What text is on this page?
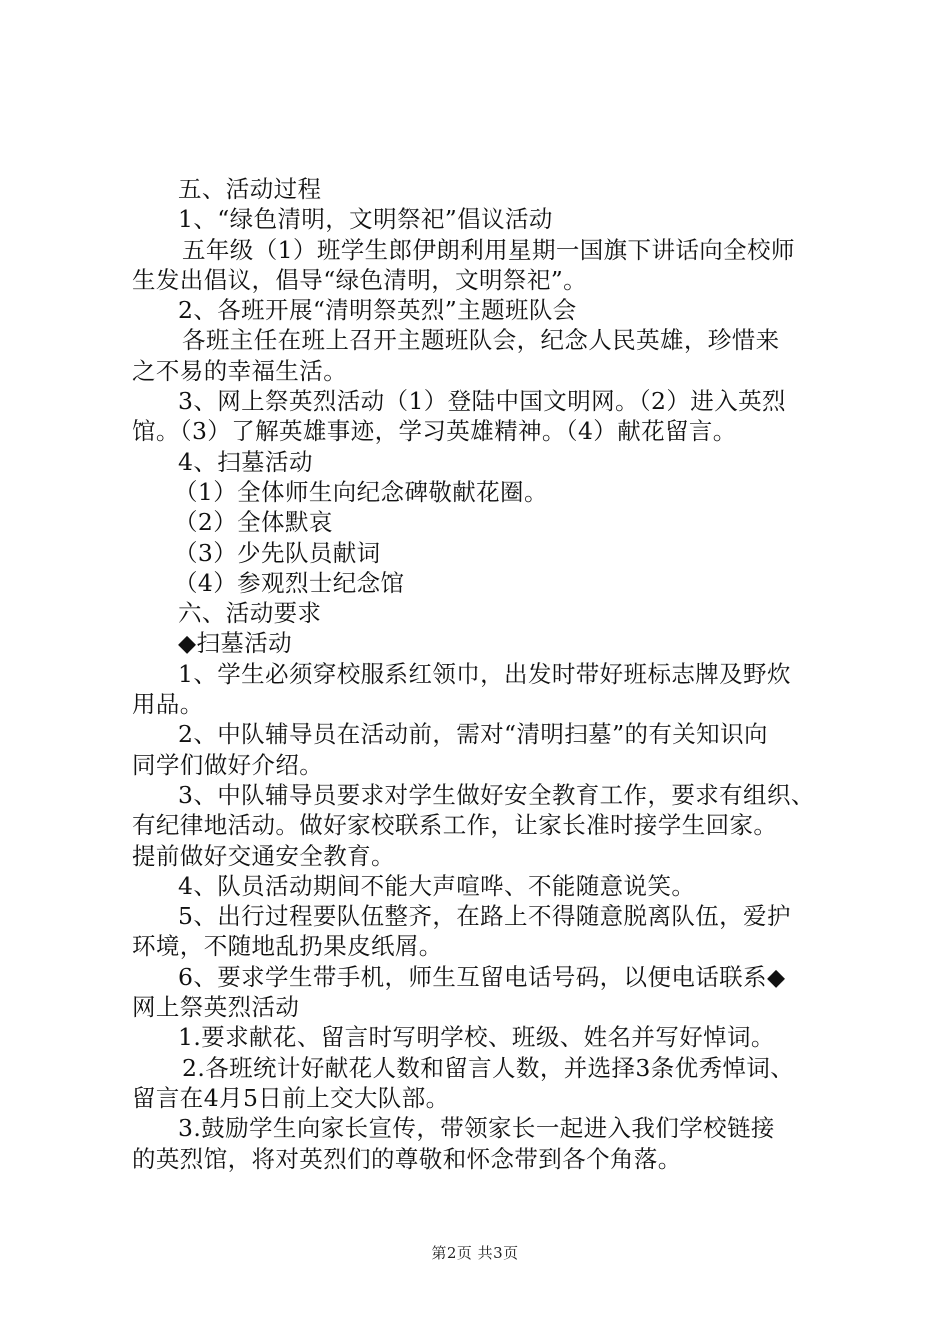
五、活动过程
1、“绿色清明，文明祭祀”倡议活动
五年级（1）班学生郎伊朗利用星期一国旗下讲话向全校师
生发出倡议，倡导“绿色清明，文明祭祀”。
2、各班开展“清明祭英烈”主题班队会
各班主任在班上召开主题班队会，纪念人民英雄，珍惜来
之不易的幸福生活。
3、网上祭英烈活动（1）登陆中国文明网。（2）进入英烈
馆。（3）了解英雄事迹，学习英雄精神。（4）献花留言。
4、扫墓活动
（1）全体师生向纪念碑敬献花圈。
（2）全体默哀
（3）少先队员献词
（4）参观烈士纪念馆
六、活动要求
◆扫墓活动
1、学生必须穿校服系红领巾，出发时带好班标志牌及野炊
用品。
2、中队辅导员在活动前，需对“清明扫墓”的有关知识向
同学们做好介绍。
3、中队辅导员要求对学生做好安全教育工作，要求有组织、
有纪律地活动。做好家校联系工作，让家长准时接学生回家。
提前做好交通安全教育。
4、队员活动期间不能大声喧哗、不能随意说笑。
5、出行过程要队伍整齐，在路上不得随意脱离队伍，爱护
环境，不随地乱扔果皮纸屑。
6、要求学生带手机，师生互留电话号码，以便电话联系◆
网上祭英烈活动
1.要求献花、留言时写明学校、班级、姓名并写好悼词。
2.各班统计好献花人数和留言人数，并选择3条优秀悼词、
留言在4月5日前上交大队部。
3.鼓励学生向家长宣传，带领家长一起进入我们学校链接
的英烈馆，将对英烈们的尊敬和怀念带到各个角落。
第2页 共3页
